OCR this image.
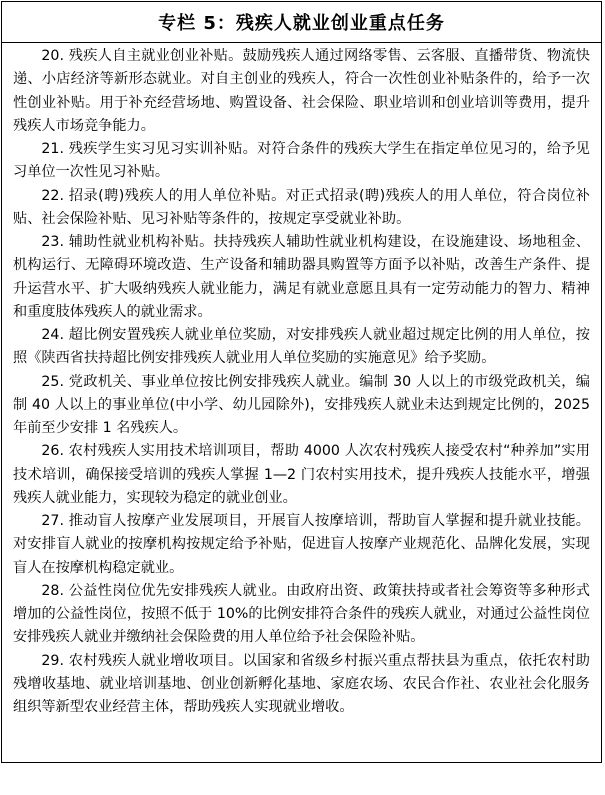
专栏 5：残疾人就业创业重点任务

20. 残疾人自主就业创业补贴。鼓励残疾人通过网络零售、云客服、直播带货、物流快递、小店经济等新形态就业。对自主创业的残疾人，符合一次性创业补贴条件的，给予一次性创业补贴。用于补充经营场地、购置设备、社会保险、职业培训和创业培训等费用，提升残疾人市场竞争能力。

21. 残疾学生实习见习实训补贴。对符合条件的残疾大学生在指定单位见习的，给予见习单位一次性见习补贴。

22. 招录(聘)残疾人的用人单位补贴。对正式招录(聘)残疾人的用人单位，符合岗位补贴、社会保险补贴、见习补贴等条件的，按规定享受就业补助。

23. 辅助性就业机构补贴。扶持残疾人辅助性就业机构建设，在设施建设、场地租金、机构运行、无障碍环境改造、生产设备和辅助器具购置等方面予以补贴，改善生产条件、提升运营水平、扩大吸纳残疾人就业能力，满足有就业意愿且具有一定劳动能力的智力、精神和重度肢体残疾人的就业需求。

24. 超比例安置残疾人就业单位奖励，对安排残疾人就业超过规定比例的用人单位，按照《陕西省扶持超比例安排残疾人就业用人单位奖励的实施意见》给予奖励。

25. 党政机关、事业单位按比例安排残疾人就业。编制 30 人以上的市级党政机关，编制 40 人以上的事业单位(中小学、幼儿园除外)，安排残疾人就业未达到规定比例的，2025 年前至少安排 1 名残疾人。

26. 农村残疾人实用技术培训项目，帮助 4000 人次农村残疾人接受农村“种养加”实用技术培训，确保接受培训的残疾人掌握 1—2 门农村实用技术，提升残疾人技能水平，增强残疾人就业能力，实现较为稳定的就业创业。

27. 推动盲人按摩产业发展项目，开展盲人按摩培训，帮助盲人掌握和提升就业技能。对安排盲人就业的按摩机构按规定给予补贴，促进盲人按摩产业规范化、品牌化发展，实现盲人在按摩机构稳定就业。

28. 公益性岗位优先安排残疾人就业。由政府出资、政策扶持或者社会筹资等多种形式增加的公益性岗位，按照不低于 10%的比例安排符合条件的残疾人就业，对通过公益性岗位安排残疾人就业并缴纳社会保险费的用人单位给予社会保险补贴。

29. 农村残疾人就业增收项目。以国家和省级乡村振兴重点帮扶县为重点，依托农村助残增收基地、就业培训基地、创业创新孵化基地、家庭农场、农民合作社、农业社会化服务组织等新型农业经营主体，帮助残疾人实现就业增收。
